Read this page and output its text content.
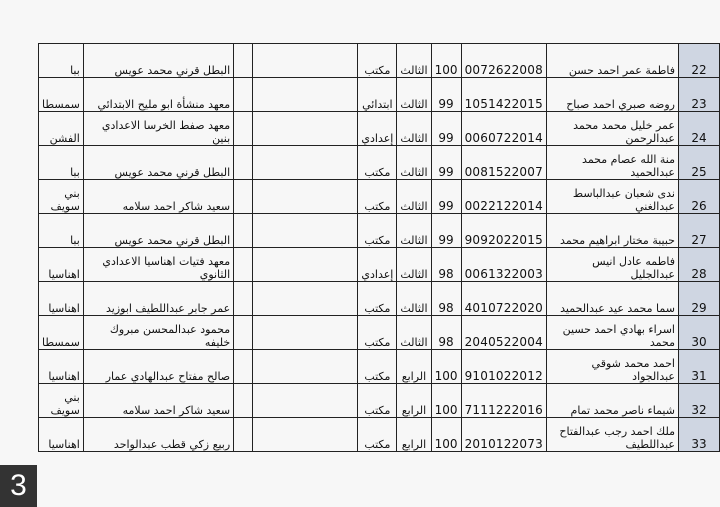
22	فاطمة عمر احمد حسن	0072622008	100	الثالث	مكتب			البطل قرني محمد عويس	ببا
23	روضه صبري احمد صباح	1051422015	99	الثالث	ابتدائي			معهد منشأة ابو مليح الابتدائي	سمسطا
24	عمر خليل محمد محمد عبدالرحمن	0060722014	99	الثالث	إعدادي			معهد صفط الخرسا الاعدادي بنين	الفشن
25	منة الله عصام محمد عبدالحميد	0081522007	99	الثالث	مكتب			البطل قرني محمد عويس	ببا
26	ندى شعبان عبدالباسط عبدالغني	0022122014	99	الثالث	مكتب			سعيد شاكر احمد سلامه	بني سويف
27	حبيبة مختار ابراهيم محمد	9092022015	99	الثالث	مكتب			البطل قرني محمد عويس	ببا
28	فاطمه عادل انيس عبدالجليل	0061322003	98	الثالث	إعدادي			معهد فتيات اهناسيا الاعدادي الثانوي	اهناسيا
29	سما محمد عيد عبدالحميد	4010722020	98	الثالث	مكتب			عمر جابر عبداللطيف ابوزيد	اهناسيا
30	اسراء بهادي احمد حسين محمد	2040522004	98	الثالث	مكتب			محمود عبدالمحسن مبروك خليفه	سمسطا
31	احمد محمد شوقي عبدالجواد	9101022012	100	الرابع	مكتب			صالح مفتاح عبدالهادي عمار	اهناسيا
32	شيماء ناصر محمد تمام	7111222016	100	الرابع	مكتب			سعيد شاكر احمد سلامه	بني سويف
33	ملك احمد رجب عبدالفتاح عبداللطيف	2010122073	100	الرابع	مكتب			ربيع زكي قطب عبدالواحد	اهناسيا
3
